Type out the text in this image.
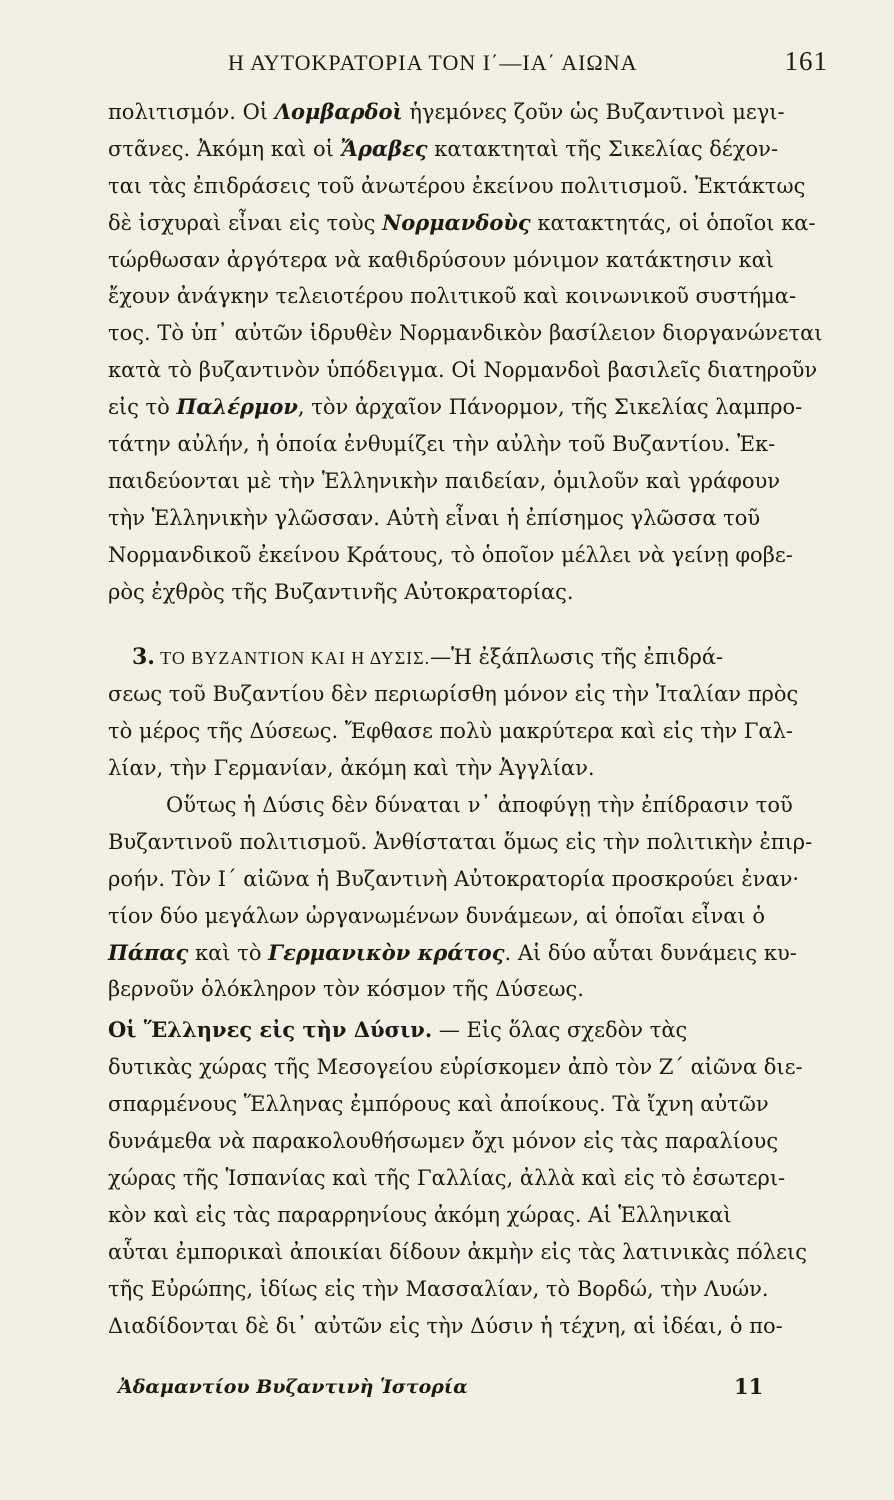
Η ΑΥΤΟΚΡΑΤΟΡΙΑ ΤΟΝ Ι΄—ΙΑ΄ ΑΙΩΝΑ	161
πολιτισμόν. Οἱ Λομβαρδοὶ ἡγεμόνες ζοῦν ὡς Βυζαντινοὶ μεγι-
στᾶνες. Ἀκόμη καὶ οἱ Ἄραβες κατακτηταὶ τῆς Σικελίας δέχον-
ται τὰς ἐπιδράσεις τοῦ ἀνωτέρου ἐκείνου πολιτισμοῦ. Ἐκτάκτως
δὲ ἰσχυραὶ εἶναι εἰς τοὺς Νορμανδοὺς κατακτητάς, οἱ ὁποῖοι κα-
τώρθωσαν ἀργότερα νὰ καθιδρύσουν μόνιμον κατάκτησιν καὶ
ἔχουν ἀνάγκην τελειοτέρου πολιτικοῦ καὶ κοινωνικοῦ συστήμα-
τος. Τὸ ὑπ᾿ αὐτῶν ἱδρυθὲν Νορμανδικὸν βασίλειον διοργανώνεται
κατὰ τὸ βυζαντινὸν ὑπόδειγμα. Οἱ Νορμανδοὶ βασιλεῖς διατηροῦν
εἰς τὸ Παλέρμον, τὸν ἀρχαῖον Πάνορμον, τῆς Σικελίας λαμπρο-
τάτην αὐλήν, ἡ ὁποία ἐνθυμίζει τὴν αὐλὴν τοῦ Βυζαντίου. Ἐκ-
παιδεύονται μὲ τὴν Ἑλληνικὴν παιδείαν, ὁμιλοῦν καὶ γράφουν
τὴν Ἑλληνικὴν γλῶσσαν. Αὐτὴ εἶναι ἡ ἐπίσημος γλῶσσα τοῦ
Νορμανδικοῦ ἐκείνου Κράτους, τὸ ὁποῖον μέλλει νὰ γείνῃ φοβε-
ρὸς ἐχθρὸς τῆς Βυζαντινῆς Αὐτοκρατορίας.
3. ΤΟ ΒΥΖΑΝΤΙΟΝ ΚΑΙ Η ΔΥΣΙΣ.—Ἡ ἐξάπλωσις τῆς ἐπιδρά-
σεως τοῦ Βυζαντίου δὲν περιωρίσθη μόνον εἰς τὴν Ἰταλίαν πρὸς
τὸ μέρος τῆς Δύσεως. Ἔφθασε πολὺ μακρύτερα καὶ εἰς τὴν Γαλ-
λίαν, τὴν Γερμανίαν, ἀκόμη καὶ τὴν Ἀγγλίαν.
Οὕτως ἡ Δύσις δὲν δύναται ν᾿ ἀποφύγῃ τὴν ἐπίδρασιν τοῦ
Βυζαντινοῦ πολιτισμοῦ. Ἀνθίσταται ὅμως εἰς τὴν πολιτικὴν ἐπιρ-
ροήν. Τὸν Ι΄ αἰῶνα ἡ Βυζαντινὴ Αὐτοκρατορία προσκρούει ἐναν·
τίον δύο μεγάλων ὠργανωμένων δυνάμεων, αἱ ὁποῖαι εἶναι ὁ
Πάπας καὶ τὸ Γερμανικὸν κράτος. Αἱ δύο αὗται δυνάμεις κυ-
βερνοῦν ὁλόκληρον τὸν κόσμον τῆς Δύσεως.
Οἱ Ἕλληνες εἰς τὴν Δύσιν. — Εἰς ὅλας σχεδὸν τὰς
δυτικὰς χώρας τῆς Μεσογείου εὑρίσκομεν ἀπὸ τὸν Ζ΄ αἰῶνα διε-
σπαρμένους Ἕλληνας ἐμπόρους καὶ ἀποίκους. Τὰ ἴχνη αὐτῶν
δυνάμεθα νὰ παρακολουθήσωμεν ὄχι μόνον εἰς τὰς παραλίους
χώρας τῆς Ἱσπανίας καὶ τῆς Γαλλίας, ἀλλὰ καὶ εἰς τὸ ἐσωτερι-
κὸν καὶ εἰς τὰς παραρρηνίους ἀκόμη χώρας. Αἱ Ἑλληνικαὶ
αὗται ἐμπορικαὶ ἀποικίαι δίδουν ἀκμὴν εἰς τὰς λατινικὰς πόλεις
τῆς Εὐρώπης, ἰδίως εἰς τὴν Μασσαλίαν, τὸ Βορδώ, τὴν Λυών.
Διαδίδονται δὲ δι᾿ αὐτῶν εἰς τὴν Δύσιν ἡ τέχνη, αἱ ἰδέαι, ὁ πο-
Ἀδαμαντίου Βυζαντινὴ Ἱστορία	11
